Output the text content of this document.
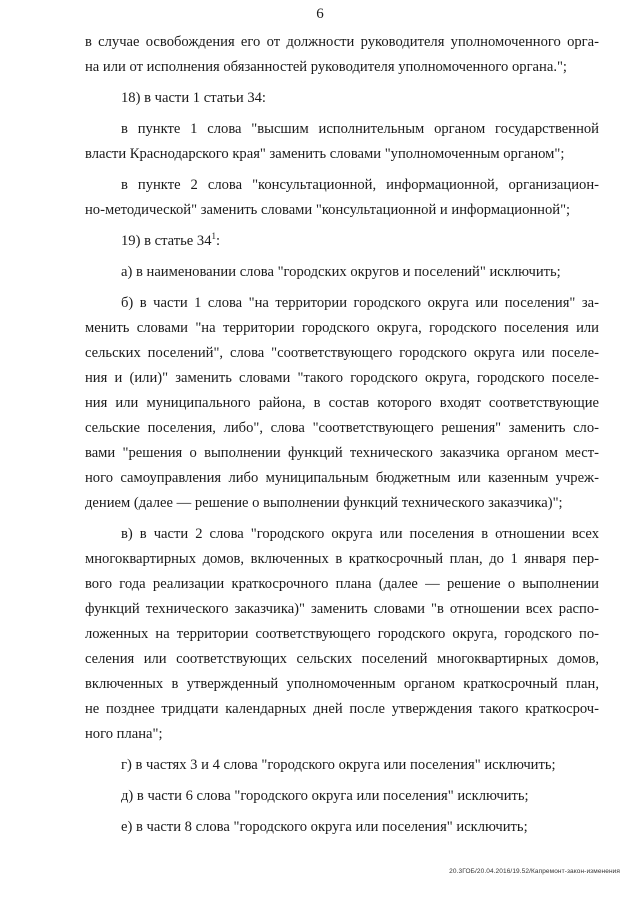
6
в случае освобождения его от должности руководителя уполномоченного орга-
на или от исполнения обязанностей руководителя уполномоченного органа.";
18) в части 1 статьи 34:
в пункте 1 слова "высшим исполнительным органом государственной
власти Краснодарского края" заменить словами "уполномоченным органом";
в пункте 2 слова "консультационной, информационной, организацион-
но-методической" заменить словами "консультационной и информационной";
19) в статье $34^1$:
а) в наименовании слова "городских округов и поселений" исключить;
б) в части 1 слова "на территории городского округа или поселения" за-
менить словами "на территории городского округа, городского поселения или
сельских поселений", слова "соответствующего городского округа или поселе-
ния и (или)" заменить словами "такого городского округа, городского поселе-
ния или муниципального района, в состав которого входят соответствующие
сельские поселения, либо", слова "соответствующего решения" заменить сло-
вами "решения о выполнении функций технического заказчика органом мест-
ного самоуправления либо муниципальным бюджетным или казенным учреж-
дением (далее — решение о выполнении функций технического заказчика)";
в) в части 2 слова "городского округа или поселения в отношении всех
многоквартирных домов, включенных в краткосрочный план, до 1 января пер-
вого года реализации краткосрочного плана (далее — решение о выполнении
функций технического заказчика)" заменить словами "в отношении всех распо-
ложенных на территории соответствующего городского округа, городского по-
селения или соответствующих сельских поселений многоквартирных домов,
включенных в утвержденный уполномоченным органом краткосрочный план,
не позднее тридцати календарных дней после утверждения такого краткосроч-
ного плана";
г) в частях 3 и 4 слова "городского округа или поселения" исключить;
д) в части 6 слова "городского округа или поселения" исключить;
е) в части 8 слова "городского округа или поселения" исключить;
20.3ГОБ/20.04.2016/19.52/Капремонт-закон-изменения
